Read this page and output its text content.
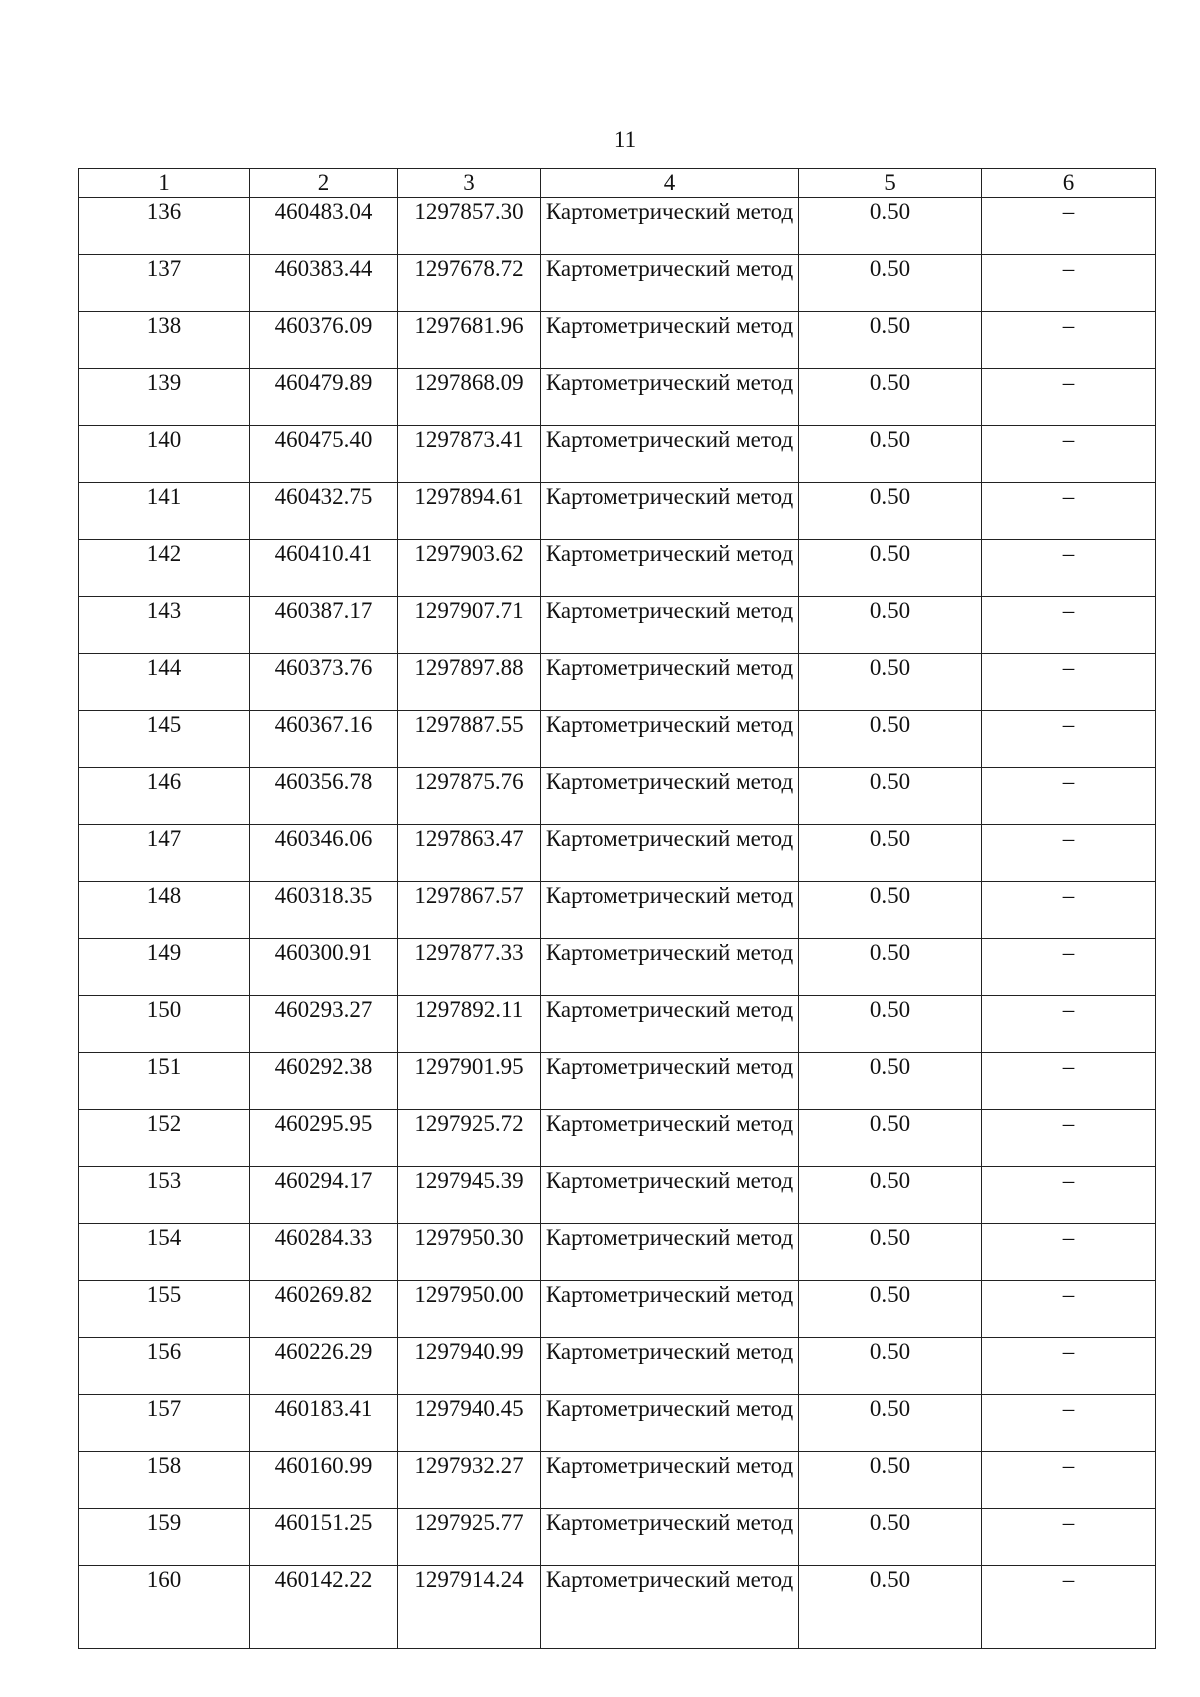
11
1	2	3	4	5	6
136	460483.04	1297857.30	Картометрический метод	0.50	–
137	460383.44	1297678.72	Картометрический метод	0.50	–
138	460376.09	1297681.96	Картометрический метод	0.50	–
139	460479.89	1297868.09	Картометрический метод	0.50	–
140	460475.40	1297873.41	Картометрический метод	0.50	–
141	460432.75	1297894.61	Картометрический метод	0.50	–
142	460410.41	1297903.62	Картометрический метод	0.50	–
143	460387.17	1297907.71	Картометрический метод	0.50	–
144	460373.76	1297897.88	Картометрический метод	0.50	–
145	460367.16	1297887.55	Картометрический метод	0.50	–
146	460356.78	1297875.76	Картометрический метод	0.50	–
147	460346.06	1297863.47	Картометрический метод	0.50	–
148	460318.35	1297867.57	Картометрический метод	0.50	–
149	460300.91	1297877.33	Картометрический метод	0.50	–
150	460293.27	1297892.11	Картометрический метод	0.50	–
151	460292.38	1297901.95	Картометрический метод	0.50	–
152	460295.95	1297925.72	Картометрический метод	0.50	–
153	460294.17	1297945.39	Картометрический метод	0.50	–
154	460284.33	1297950.30	Картометрический метод	0.50	–
155	460269.82	1297950.00	Картометрический метод	0.50	–
156	460226.29	1297940.99	Картометрический метод	0.50	–
157	460183.41	1297940.45	Картометрический метод	0.50	–
158	460160.99	1297932.27	Картометрический метод	0.50	–
159	460151.25	1297925.77	Картометрический метод	0.50	–
160	460142.22	1297914.24	Картометрический метод	0.50	–
